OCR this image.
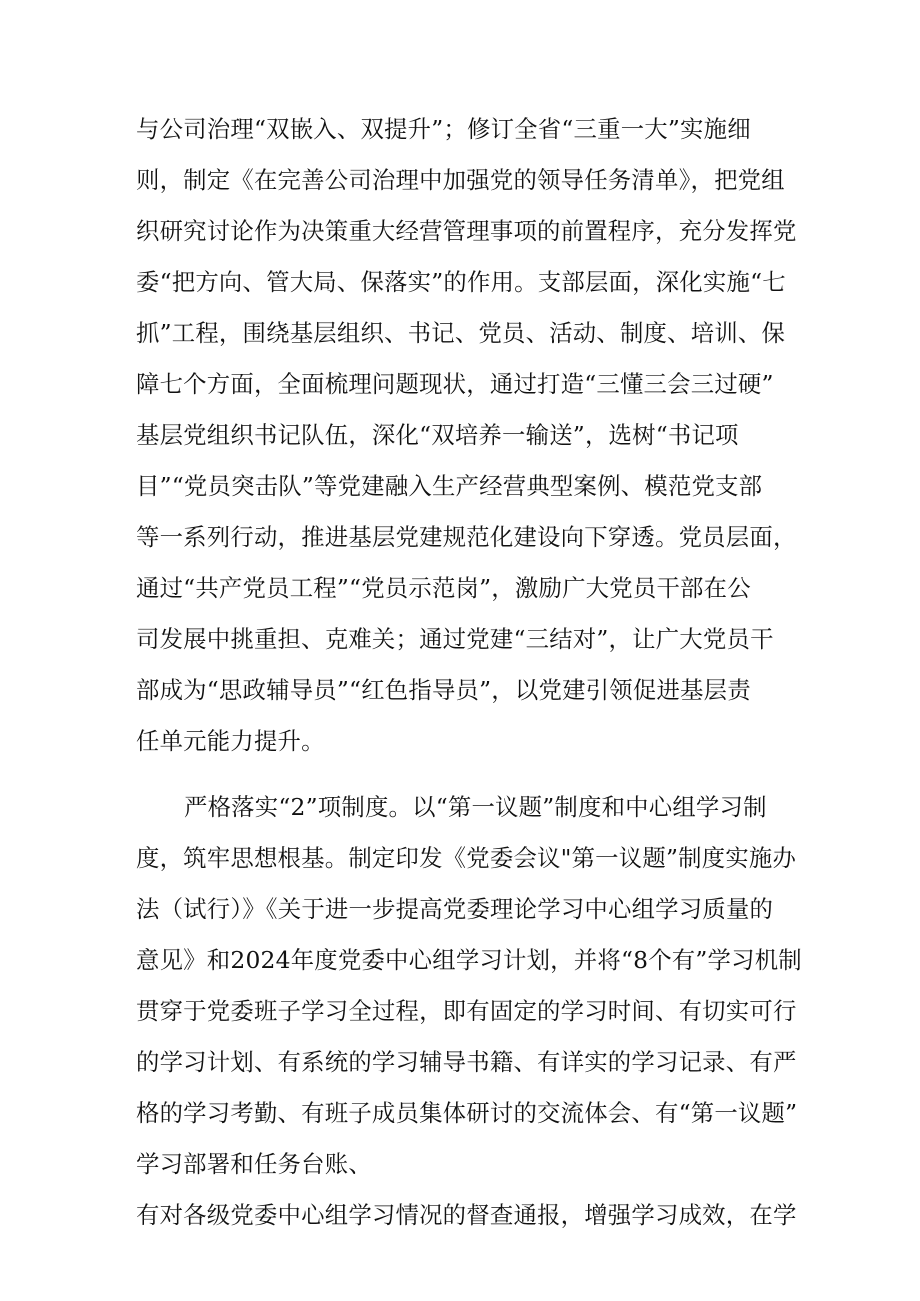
与公司治理“双嵌入、双提升”；修订全省“三重一大”实施细
则，制定《在完善公司治理中加强党的领导任务清单》，把党组
织研究讨论作为决策重大经营管理事项的前置程序，充分发挥党
委“把方向、管大局、保落实”的作用。支部层面，深化实施“七
抓”工程，围绕基层组织、书记、党员、活动、制度、培训、保
障七个方面，全面梳理问题现状，通过打造“三懂三会三过硬”
基层党组织书记队伍，深化“双培养一输送”，选树“书记项
目”“党员突击队”等党建融入生产经营典型案例、模范党支部
等一系列行动，推进基层党建规范化建设向下穿透。党员层面，
通过“共产党员工程”“党员示范岗”，激励广大党员干部在公
司发展中挑重担、克难关；通过党建“三结对”，让广大党员干
部成为“思政辅导员”“红色指导员”，以党建引领促进基层责
任单元能力提升。
严格落实“2”项制度。以“第一议题”制度和中心组学习制
度，筑牢思想根基。制定印发《党委会议"第一议题”制度实施办
法（试行）》《关于进一步提高党委理论学习中心组学习质量的
意见》和2024年度党委中心组学习计划，并将“8个有”学习机制
贯穿于党委班子学习全过程，即有固定的学习时间、有切实可行
的学习计划、有系统的学习辅导书籍、有详实的学习记录、有严
格的学习考勤、有班子成员集体研讨的交流体会、有“第一议题”
学习部署和任务台账、
有对各级党委中心组学习情况的督查通报，增强学习成效，在学
